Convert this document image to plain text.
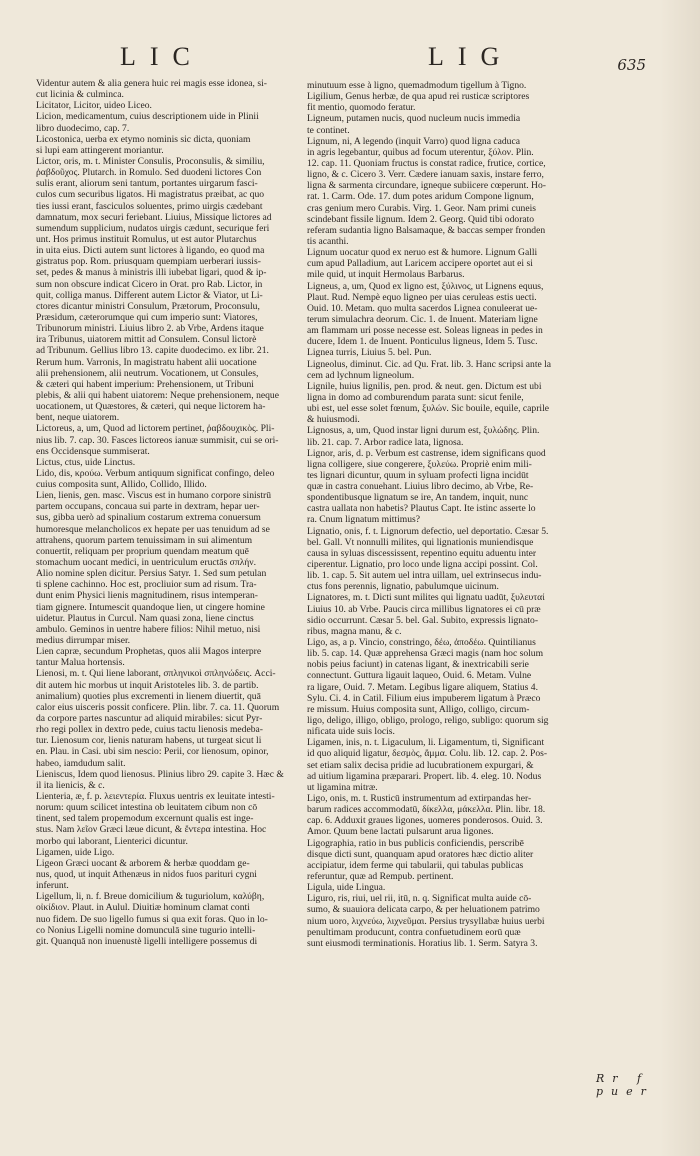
LIC	LIG	635
Videntur autem & alia genera huic rei magis esse idonea, si-
cut licinia & culminca.
Licitator, Licitor, uideo Liceo.
Licion, medicamentum, cuius descriptionem uide in Plinii
libro duodecimo, cap. 7.
Licostonica, uerba ex etymo nominis sic dicta, quoniam
si lupi eam attingerent moriantur.
Lictor, oris, m. t. Minister Consulis, Proconsulis, & similiu,
ῥαβδοῦχος. Plutarch. in Romulo. Sed duodeni lictores Con
sulis erant, aliorum seni tantum, portantes uirgarum fasci-
culos cum securibus ligatos. Hi magistratus præibat, ac quo
ties iussi erant, fasciculos soluentes, primo uirgis cædebant
damnatum, mox securi feriebant. Liuius, Missique lictores ad
sumendum supplicium, nudatos uirgis cædunt, securique feri
unt. Hos primus instituit Romulus, ut est autor Plutarchus
in uita eius. Dicti autem sunt lictores à ligando, eo quod ma
gistratus pop. Rom. priusquam quempiam uerberari iussis-
set, pedes & manus à ministris illi iubebat ligari, quod & ip-
sum non obscure indicat Cicero in Orat. pro Rab. Lictor, in
quit, colliga manus. Different autem Lictor & Viator, ut Li-
ctores dicantur ministri Consulum, Prætorum, Proconsulu,
Præsidum, cæterorumque qui cum imperio sunt: Viatores,
Tribunorum ministri. Liuius libro 2. ab Vrbe, Ardens itaque
ira Tribunus, uiatorem mittit ad Consulem. Consul lictorè
ad Tribunum. Gellius libro 13. capite duodecimo. ex libr. 21.
Rerum hum. Varronis, In magistratu habent alii uocatione
alii prehensionem, alii neutrum. Vocationem, ut Consules,
& cæteri qui habent imperium: Prehensionem, ut Tribuni
plebis, & alii qui habent uiatorem: Neque prehensionem, neque
uocationem, ut Quæstores, & cæteri, qui neque lictorem ha-
bent, neque uiatorem.
Lictoreus, a, um, Quod ad lictorem pertinet, ῥαβδουχικὸς. Pli-
nius lib. 7. cap. 30. Fasces lictoreos ianuæ summisit, cui se ori-
ens Occidensque summiserat.
Lictus, ctus, uide Linctus.
Lido, dis, κρούω. Verbum antiquum significat confingo, deleo
cuius composita sunt, Allido, Collido, Illido.
Lien, lienis, gen. masc. Viscus est in humano corpore sinistrū
partem occupans, concaua sui parte in dextram, hepar uer-
sus, gibba uerò ad spinalium costarum extrema conuersum
humoresque melancholicos ex hepate per uas tenuidum ad se
attrahens, quorum partem tenuissimam in sui alimentum
conuertit, reliquam per proprium quendam meatum quē
stomachum uocant medici, in uentriculum eructās σπλήν.
Alio nomine splen dicitur. Persius Satyr. 1. Sed sum petulan
ti splene cachinno. Hoc est, procliuior sum ad risum. Tra-
dunt enim Physici lienis magnitudinem, risus intemperan-
tiam gignere. Intumescit quandoque lien, ut cingere homine
uidetur. Plautus in Curcul. Nam quasi zona, liene cinctus
ambulo. Geminos in uentre habere filios: Nihil metuo, nisi
medius dirrumpar miser.
Lien capræ, secundum Prophetas, quos alii Magos interpre
tantur Malua hortensis.
Lienosi, m. t. Qui liene laborant, σπληνικοὶ σπληνώδεις. Acci-
dit autem hic morbus ut inquit Aristoteles lib. 3. de partib.
animalium) quoties plus excrementi in lienem diuertit, quā
calor eius uisceris possit conficere. Plin. libr. 7. ca. 11. Quorum
da corpore partes nascuntur ad aliquid mirabiles: sicut Pyr-
rho regi pollex in dextro pede, cuius tactu lienosis medeba-
tur. Lienosum cor, lienis naturam habens, ut turgeat sicut li
en. Plau. in Casi. ubi sim nescio: Perii, cor lienosum, opinor,
habeo, iamdudum salit.
Lieniscus, Idem quod lienosus. Plinius libro 29. capite 3. Hæc &
il ita lienicis, & c.
Lienteria, æ, f. p. λειεντερία. Fluxus uentris ex leuitate intesti-
norum: quum scilicet intestina ob leuitatem cibum non cō
tinent, sed talem propemodum excernunt qualis est inge-
stus. Nam λεῖον Græci læue dicunt, & ἔντερα intestina. Hoc
morbo qui laborant, Lienterici dicuntur.
Ligamen, uide Ligo.
Ligeon Græci uocant & arborem & herbæ quoddam ge-
nus, quod, ut inquit Athenæus in nidos fuos parituri cygni
inferunt.
Ligellum, li, n. f. Breue domicilium & tuguriolum, καλύβη,
οἰκίδιον. Plaut. in Aulul. Diuitiæ hominum clamat conti
nuo fidem. De suo ligello fumus si qua exit foras. Quo in lo-
co Nonius Ligelli nomine domunculā sine tugurio intelli-
git. Quanquā non inuenustè ligelli intelligere possemus di
minutuum esse à ligno, quemadmodum tigellum à Tigno.
Ligilium, Genus herbæ, de qua apud rei rusticæ scriptores
fit mentio, quomodo feratur.
Ligneum, putamen nucis, quod nucleum nucis immedia
te continet.
Lignum, ni, A legendo (inquit Varro) quod ligna caduca
in agris legebantur, quibus ad focum uterentur, ξύλον. Plin.
12. cap. 11. Quoniam fructus is constat radice, frutice, cortice,
ligno, & c. Cicero 3. Verr. Cædere ianuam saxis, instare ferro,
ligna & sarmenta circundare, igneque subiicere cœperunt. Ho-
rat. 1. Carm. Ode. 17. dum potes aridum Compone lignum,
cras genium mero Curabis. Virg. 1. Geor. Nam primi cuneis
scindebant fissile lignum. Idem 2. Georg. Quid tibi odorato
referam sudantia ligno Balsamaque, & baccas semper fronden
tis acanthi.
Lignum uocatur quod ex neruo est & humore. Lignum Galli
cum apud Palladium, aut Laricem accipere oportet aut ei si
mile quid, ut inquit Hermolaus Barbarus.
Ligneus, a, um, Quod ex ligno est, ξύλινος, ut Lignens equus,
Plaut. Rud. Nempè equo ligneo per uias ceruleas estis uecti.
Ouid. 10. Metam. quo multa sacerdos Lignea conuleerat ue-
terum simulachra deorum. Cic. 1. de Inuent. Materiam ligne
am flammam uri posse necesse est. Soleas ligneas in pedes in
ducere, Idem 1. de Inuent. Ponticulus ligneus, Idem 5. Tusc.
Lignea turris, Liuius 5. bel. Pun.
Ligneolus, diminut. Cic. ad Qu. Frat. lib. 3. Hanc scripsi ante la
cem ad lychnum ligneolum.
Lignile, huius lignilis, pen. prod. & neut. gen. Dictum est ubi
ligna in domo ad comburendum parata sunt: sicut fenile,
ubi est, uel esse solet fœnum, ξυλών. Sic bouile, equile, caprile
& huiusmodi.
Lignosus, a, um, Quod instar ligni durum est, ξυλώδης. Plin.
lib. 21. cap. 7. Arbor radice lata, lignosa.
Lignor, aris, d. p. Verbum est castrense, idem significans quod
ligna colligere, siue congerere, ξυλεύω. Propriè enim mili-
tes lignari dicuntur, quum in syluam profecti ligna incidūt
quæ in castra conuehant. Liuius libro decimo, ab Vrbe, Re-
spondentibusque lignatum se ire, An tandem, inquit, nunc
castra uallata non habetis? Plautus Capt. Ite istinc asserte lo
ra. Cnum lignatum mittimus?
Lignatio, onis, f. t. Lignorum defectio, uel deportatio. Cæsar 5.
bel. Gall. Vt nonnulli milites, qui lignationis muniendisque
causa in syluas discessissent, repentino equitu aduentu inter
ciperentur. Lignatio, pro loco unde ligna accipi possint. Col.
lib. 1. cap. 5. Sit autem uel intra uillam, uel extrinsecus indu-
ctus fons perennis, lignatio, pabulumque uicinum.
Lignatores, m. t. Dicti sunt milites qui lignatu uadūt, ξυλευταί
Liuius 10. ab Vrbe. Paucis circa millibus lignatores ei cū præ
sidio occurrunt. Cæsar 5. bel. Gal. Subito, expressis lignato-
ribus, magna manu, & c.
Ligo, as, a p. Vincio, constringo, δέω, ἀποδέω. Quintilianus
lib. 5. cap. 14. Quæ apprehensa Græci magis (nam hoc solum
nobis peius faciunt) in catenas ligant, & inextricabili serie
connectunt. Guttura ligauit laqueo, Ouid. 6. Metam. Vulne
ra ligare, Ouid. 7. Metam. Legibus ligare aliquem, Statius 4.
Sylu. Ci. 4. in Catil. Filium eius impuberem ligatum à Præco
re missum. Huius composita sunt, Alligo, colligo, circum-
ligo, deligo, illigo, obligo, prologo, religo, subligo: quorum sig
nificata uide suis locis.
Ligamen, inis, n. t. Ligaculum, li. Ligamentum, ti, Significant
id quo aliquid ligatur, δεσμὸς, ἄμμα. Colu. lib. 12. cap. 2. Pos-
set etiam salix decisa pridie ad lucubrationem expurgari, &
ad uitium ligamina præparari. Propert. lib. 4. eleg. 10. Nodus
ut ligamina mitræ.
Ligo, onis, m. t. Rusticū instrumentum ad extirpandas her-
barum radices accommodatū, δίκελλα, μάκελλα. Plin. libr. 18.
cap. 6. Adduxit graues ligones, uomeres ponderosos. Ouid. 3.
Amor. Quum bene lactati pulsarunt arua ligones.
Ligographia, ratio in bus publicis conficiendis, perscribē
disque dicti sunt, quanquam apud oratores hæc dictio aliter
accipiatur, idem ferme qui tabularii, qui tabulas publicas
referuntur, quæ ad Rempub. pertinent.
Ligula, uide Lingua.
Liguro, ris, riui, uel rii, itū, n. q. Significat multa auide cō-
sumo, & suauiora delicata carpo, & per heluationem patrimo
nium uoro, λιχνεύω, λιχνεῦμαι. Persius trysyllabæ huius uerbi
penultimam producunt, contra confuetudinem eorū quæ
sunt eiusmodi terminationis. Horatius lib. 1. Serm. Satyra 3.
Rr f puer
